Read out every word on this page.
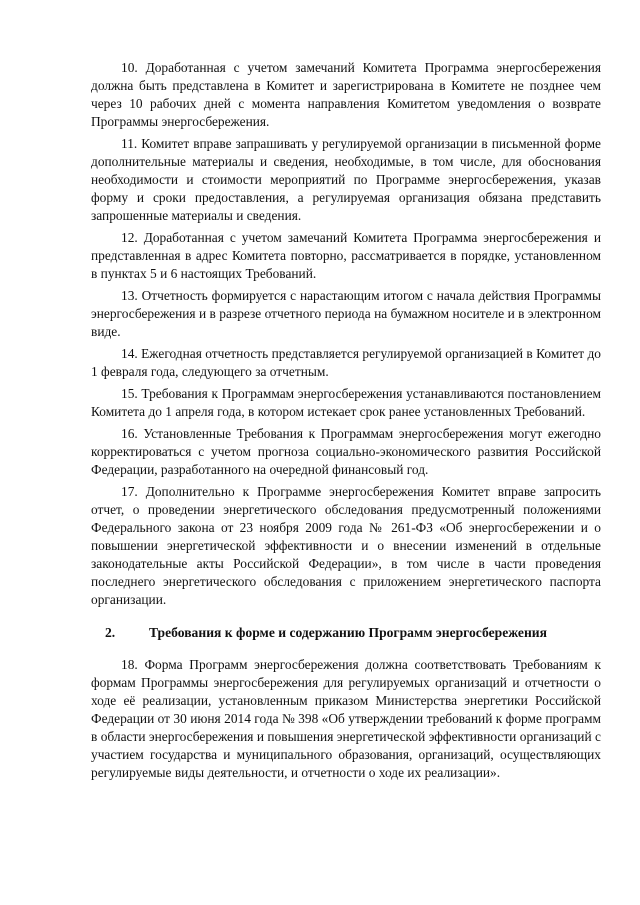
10. Доработанная с учетом замечаний Комитета Программа энергосбережения должна быть представлена в Комитет и зарегистрирована в Комитете не позднее чем через 10 рабочих дней с момента направления Комитетом уведомления о возврате Программы энергосбережения.

11. Комитет вправе запрашивать у регулируемой организации в письменной форме дополнительные материалы и сведения, необходимые, в том числе, для обоснования необходимости и стоимости мероприятий по Программе энергосбережения, указав форму и сроки предоставления, а регулируемая организация обязана представить запрошенные материалы и сведения.

12. Доработанная с учетом замечаний Комитета Программа энергосбережения и представленная в адрес Комитета повторно, рассматривается в порядке, установленном в пунктах 5 и 6 настоящих Требований.

13. Отчетность формируется с нарастающим итогом с начала действия Программы энергосбережения и в разрезе отчетного периода на бумажном носителе и в электронном виде.

14. Ежегодная отчетность представляется регулируемой организацией в Комитет до 1 февраля года, следующего за отчетным.

15. Требования к Программам энергосбережения устанавливаются постановлением Комитета до 1 апреля года, в котором истекает срок ранее установленных Требований.

16. Установленные Требования к Программам энергосбережения могут ежегодно корректироваться с учетом прогноза социально-экономического развития Российской Федерации, разработанного на очередной финансовый год.

17. Дополнительно к Программе энергосбережения Комитет вправе запросить отчет, о проведении энергетического обследования предусмотренный положениями Федерального закона от 23 ноября 2009 года № 261-ФЗ «Об энергосбережении и о повышении энергетической эффективности и о внесении изменений в отдельные законодательные акты Российской Федерации», в том числе в части проведения последнего энергетического обследования с приложением энергетического паспорта организации.

2.	Требования к форме и содержанию Программ энергосбережения

18. Форма Программ энергосбережения должна соответствовать Требованиям к формам Программы энергосбережения для регулируемых организаций и отчетности о ходе её реализации, установленным приказом Министерства энергетики Российской Федерации от 30 июня 2014 года № 398 «Об утверждении требований к форме программ в области энергосбережения и повышения энергетической эффективности организаций с участием государства и муниципального образования, организаций, осуществляющих регулируемые виды деятельности, и отчетности о ходе их реализации».
